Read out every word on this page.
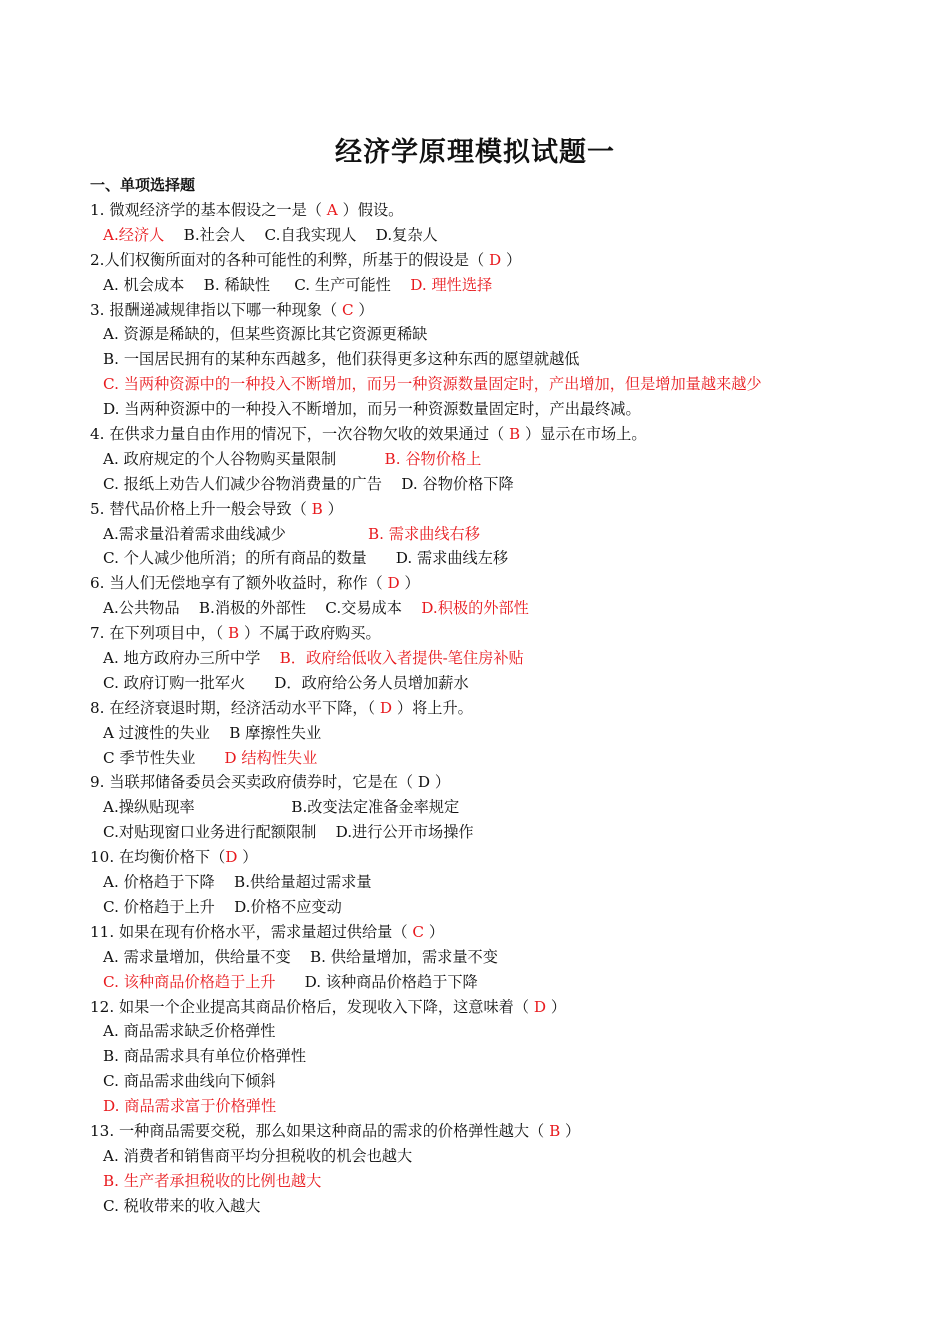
经济学原理模拟试题一
一、单项选择题
1. 微观经济学的基本假设之一是（ A ）假设。
A.经济人    B.社会人    C.自我实现人    D.复杂人
2.人们权衡所面对的各种可能性的利弊，所基于的假设是（ D ）
A. 机会成本    B. 稀缺性     C. 生产可能性    D. 理性选择
3. 报酬递减规律指以下哪一种现象（ C ）
A. 资源是稀缺的，但某些资源比其它资源更稀缺
B. 一国居民拥有的某种东西越多，他们获得更多这种东西的愿望就越低
C. 当两种资源中的一种投入不断增加，而另一种资源数量固定时，产出增加，但是增加量越来越少
D. 当两种资源中的一种投入不断增加，而另一种资源数量固定时，产出最终减。
4. 在供求力量自由作用的情况下，一次谷物欠收的效果通过（ B ）显示在市场上。
A. 政府规定的个人谷物购买量限制          B. 谷物价格上
C. 报纸上劝告人们减少谷物消费量的广告    D. 谷物价格下降
5. 替代品价格上升一般会导致（ B ）
A.需求量沿着需求曲线减少                 B. 需求曲线右移
C. 个人减少他所消；的所有商品的数量      D. 需求曲线左移
6. 当人们无偿地享有了额外收益时，称作（ D ）
A.公共物品    B.消极的外部性    C.交易成本    D.积极的外部性
7. 在下列项目中，（ B ）不属于政府购买。
A. 地方政府办三所中学    B．政府给低收入者提供-笔住房补贴
C. 政府订购一批军火      D．政府给公务人员增加薪水
8. 在经济衰退时期，经济活动水平下降，（ D ）将上升。
A 过渡性的失业    B 摩擦性失业
C 季节性失业      D 结构性失业
9. 当联邦储备委员会买卖政府债券时，它是在（ D ）
A.操纵贴现率                    B.改变法定准备金率规定
C.对贴现窗口业务进行配额限制    D.进行公开市场操作
10. 在均衡价格下（D ）
A. 价格趋于下降    B.供给量超过需求量
C. 价格趋于上升    D.价格不应变动
11. 如果在现有价格水平，需求量超过供给量（ C ）
A. 需求量增加，供给量不变    B. 供给量增加，需求量不变
C. 该种商品价格趋于上升      D. 该种商品价格趋于下降
12. 如果一个企业提高其商品价格后，发现收入下降，这意味着（ D ）
A. 商品需求缺乏价格弹性
B. 商品需求具有单位价格弹性
C. 商品需求曲线向下倾斜
D. 商品需求富于价格弹性
13. 一种商品需要交税，那么如果这种商品的需求的价格弹性越大（ B ）
A. 消费者和销售商平均分担税收的机会也越大
B. 生产者承担税收的比例也越大
C. 税收带来的收入越大
